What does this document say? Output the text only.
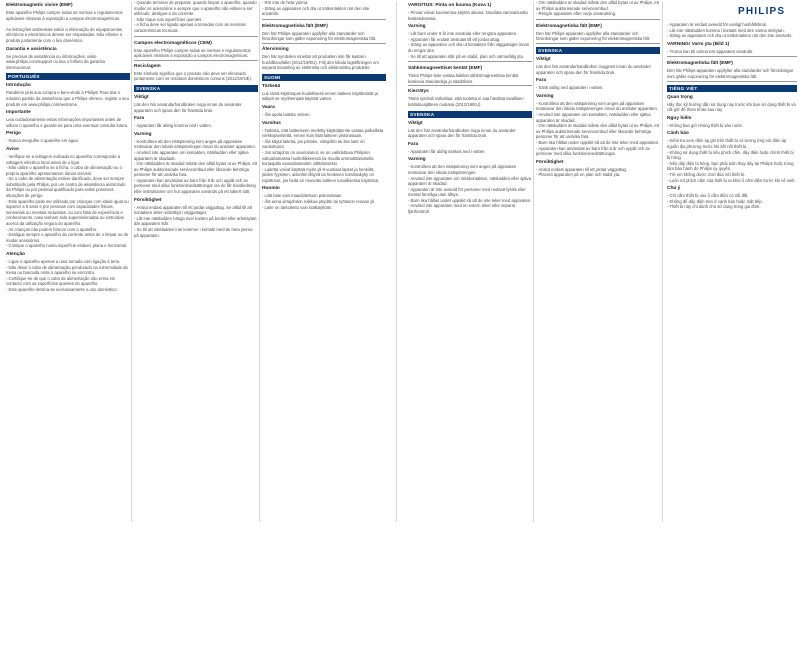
PHILIPS
Elektromagnetic visive (EMF)
Este aparelho Philips cumpre todas as normas e regulamentos aplicáveis relativos à exposição a campos electromagnéticos.

As instruções ambientais sobre a eliminação de equipamentos eléctricos e electrónicos devem ser respeitadas. Não elimine o produto juntamente com o lixo doméstico.
Garantia e assistência
Se precisar de assistência ou informações, visite www.philips.com/support ou leia o folheto da garantia internacional.
PORTUGUÊS
Introdução
Parabéns pela sua compra e bem-vindo à Philips! Para tirar o máximo partido da assistência que a Philips oferece, registe o seu produto em www.philips.com/welcome.
Importante
Leia cuidadosamente estas informações importantes antes de utilizar o aparelho e guarde-as para uma eventual consulta futura.
Perigo
- Nunca mergulhe o aparelho em água.
Aviso
- Verifique se a voltagem indicada no aparelho corresponde à voltagem eléctrica local antes de o ligar.
- Não utilize o aparelho se a ficha, o cabo de alimentação ou o próprio aparelho apresentarem danos visíveis.
- Se o cabo de alimentação estiver danificado, deve ser sempre substituído pela Philips, por um centro de assistência autorizado da Philips ou por pessoal qualificado para evitar possíveis situações de perigo.
- Este aparelho pode ser utilizado por crianças com idade igual ou superior a 8 anos e por pessoas com capacidades físicas, sensoriais ou mentais reduzidas, ou com falta de experiência e conhecimento, caso tenham sido supervisionadas ou instruídas acerca da utilização segura do aparelho.
- As crianças não podem brincar com o aparelho.
- Desligue sempre o aparelho da corrente antes de o limpar ou de mudar acessórios.
- Coloque o aparelho numa superfície estável, plana e horizontal.
Atenção
- Ligue o aparelho apenas a uma tomada com ligação à terra.
- Não deixe o cabo de alimentação pendurado na extremidade da mesa ou bancada onde o aparelho se encontra.
- Certifique-se de que o cabo de alimentação não entra em contacto com as superfícies quentes do aparelho.
- Este aparelho destina-se exclusivamente a uso doméstico.
- Quando terminar de preparar, quando limpar o aparelho, quando mudar os acessórios e sempre que o aparelho não estiver a ser utilizado, desligue-o da corrente.
- Não toque nas superfícies quentes.
- A ficha deve ser ligada apenas a tomadas com as mesmas características técnicas.
Campos electromagnéticos (CEM)
Este aparelho Philips cumpre todas as normas e regulamentos aplicáveis relativos à exposição a campos electromagnéticos.
Reciclagem
Este símbolo significa que o produto não deve ser eliminado juntamente com os resíduos domésticos comuns (2012/19/UE).
SVENSKA
Viktigt
Läs den här användarhandboken noga innan du använder apparaten och spara den för framtida bruk.
Fara
- Apparaten får aldrig komma ned i vatten.
Varning
- Kontrollera att den nätspänning som anges på apparaten motsvarar den lokala nätspänningen innan du ansluter apparaten.
- Använd inte apparaten om kontakten, nätsladden eller själva apparaten är skadade.
- Om nätsladden är skadad måste den alltid bytas ut av Philips, ett av Philips auktoriserade serviceombud eller liknande behöriga personer för att undvika fara.
- Apparaten kan användas av barn från 8 år och uppåt och av personer med olika funktionsnedsättningar om de får handledning eller instruktioner om hur apparaten används på ett säkert sätt.
Försiktighet
- Anslut endast apparaten till ett jordat vägguttag. Se alltid till att kontakten sitter ordentligt i vägguttaget.
- Låt inte nätsladden hänga över kanten på bordet eller arbetsytan där apparaten står.
- Se till att nätsladden inte kommer i kontakt med de heta ytorna på apparaten.
- Rör inte de heta ytorna.
- Stäng av apparaten och dra ut nätkontakten när den inte används.
Elektromagnetiska fält (EMF)
Den här Philips-apparaten uppfyller alla standarder och förordningar som gäller exponering för elektromagnetiska fält.
Återvinning
Den här symbolen innebär att produkten inte får kastas i hushållsavfallet (2012/19/EU). Följ den lokala lagstiftningen om separat insamling av elektriska och elektroniska produkter.
SUOMI
Tärkeää
Lue tämä käyttöopas huolellisesti ennen laitteen käyttämistä ja säilytä se myöhempää käyttöä varten.
Vaara
- Älä upota laitetta veteen.
Varoitus
- Tarkista, että laitteeseen merkitty käyttöjännite vastaa paikallista verkkojännitettä, ennen kuin liität laitteen pistorasiaan.
- Älä käytä laitetta, jos pistoke, virtajohto tai itse laite on vaurioitunut.
- Jos virtajohto on vaurioitunut, se on vaihdettava Philipsin valtuuttamassa huoltoliikkeessä tai muulla ammattitaitoisella korjaajalla vaaratilanteiden välttämiseksi.
- Laitetta voivat käyttää myös yli 8-vuotiaat lapset ja henkilöt, joiden fyysinen, aisteihin liittyvä tai henkinen toimintakyky on rajoittunut, jos heitä on neuvottu laitteen turvallisessa käytössä.
Huomio
- Liitä laite vain maadoitettuun pistorasiaan.
- Älä anna virtajohdon roikkua pöydän tai työtason reunan yli.
- Laite on tarkoitettu vain kotikäyttöön.
VAROITUS: Pinta on kuuma (Kuva 1)
- Pinnat voivat kuumentua käytön aikana. Noudata varovaisuutta kosketuksessa.
Varning
- Låt barn under 8 år inte använda eller rengöra apparaten.
- Apparaten får endast anslutas till ett jordat uttag.
- Stäng av apparaten och dra ut kontakten från vägguttaget innan du rengör den.
- Se till att apparaten står på en stabil, plan och värmetålig yta.
Sähkömagneettiset kentät (EMF)
Tämä Philips-laite vastaa kaikkia sähkömagneettisia kenttiä koskevia standardeja ja säädöksiä.
Kierrätys
Tämä symboli tarkoittaa, että tuotetta ei saa hävittää tavallisen kotitalousjätteen mukana (2012/19/EU).
SVENSKA
Viktigt
Läs den här användarhandboken noga innan du använder apparaten och spara den för framtida bruk.
Fara
- Apparaten får aldrig sänkas ned i vatten.
Varning
- Kontrollera att den nätspänning som anges på apparaten motsvarar den lokala nätspänningen.
- Använd inte apparaten om stickkontakten, nätsladden eller själva apparaten är skadad.
- Apparaten är inte avsedd för personer med nedsatt fysisk eller mental förmåga utan tillsyn.
- Barn ska hållas under uppsikt så att de inte leker med apparaten.
- Använd inte apparaten med en extern timer eller separat fjärrkontroll.
- Om nätsladden är skadad måste den alltid bytas ut av Philips, ett av Philips auktoriserade serviceombud.
- Rengör apparaten efter varje användning.
Elektromagnetiska fält (EMF)
Den här Philips-apparaten uppfyller alla standarder och förordningar som gäller exponering för elektromagnetiska fält.
SVENSKA
Viktigt
Läs den här användarhandboken noggrant innan du använder apparaten och spara den för framtida bruk.
Fara
- Sänk aldrig ned apparaten i vatten.
Varning
- Kontrollera att den nätspänning som anges på apparaten motsvarar den lokala nätspänningen innan du ansluter apparaten.
- Använd inte apparaten om kontakten, nätsladden eller själva apparaten är skadad.
- Om nätsladden är skadad måste den alltid bytas ut av Philips, ett av Philips auktoriserade serviceombud eller liknande behöriga personer för att undvika fara.
- Barn ska hållas under uppsikt så att de inte leker med apparaten.
- Apparaten kan användas av barn från 8 år och uppåt och av personer med olika funktionsnedsättningar.
Försiktighet
- Anslut endast apparaten till ett jordat vägguttag.
- Placera apparaten på en plan och stabil yta.
- Apparaten är endast avsedd för vanligt hushållsbruk.
- Låt inte nätsladden komma i kontakt med den varma stekytan.
- Stäng av apparaten och dra ut nätkontakten när den inte används.
VARNING! Varm yta (Bild 1)
- Ytorna kan bli varma när apparaten används.
Elektromagnetiska fält (EMF)
Den här Philips-apparaten uppfyller alla standarder och förordningar som gäller exponering för elektromagnetiska fält.
TIẾNG VIỆT
Quan trọng
Hãy đọc kỹ hướng dẫn sử dụng này trước khi bạn sử dụng thiết bị và cất giữ để tham khảo sau này.
Nguy hiểm
- Không bao giờ nhúng thiết bị vào nước.
Cảnh báo
- Kiểm tra xem điện áp ghi trên thiết bị có tương ứng với điện áp nguồn địa phương trước khi kết nối thiết bị.
- Không sử dụng thiết bị nếu phích cắm, dây điện hoặc chính thiết bị bị hỏng.
- Nếu dây điện bị hỏng, bạn phải luôn thay dây tại Philips hoặc trung tâm bảo hành do Philips ủy quyền.
- Trẻ em không được chơi đùa với thiết bị.
- Luôn rút phích cắm của thiết bị ra khỏi ổ cắm điện trước khi vệ sinh.
Chú ý
- Chỉ cắm thiết bị vào ổ cắm điện có nối đất.
- Không để dây điện treo ở cạnh bàn hoặc mặt bếp.
- Thiết bị này chỉ dành cho sử dụng trong gia đình.
